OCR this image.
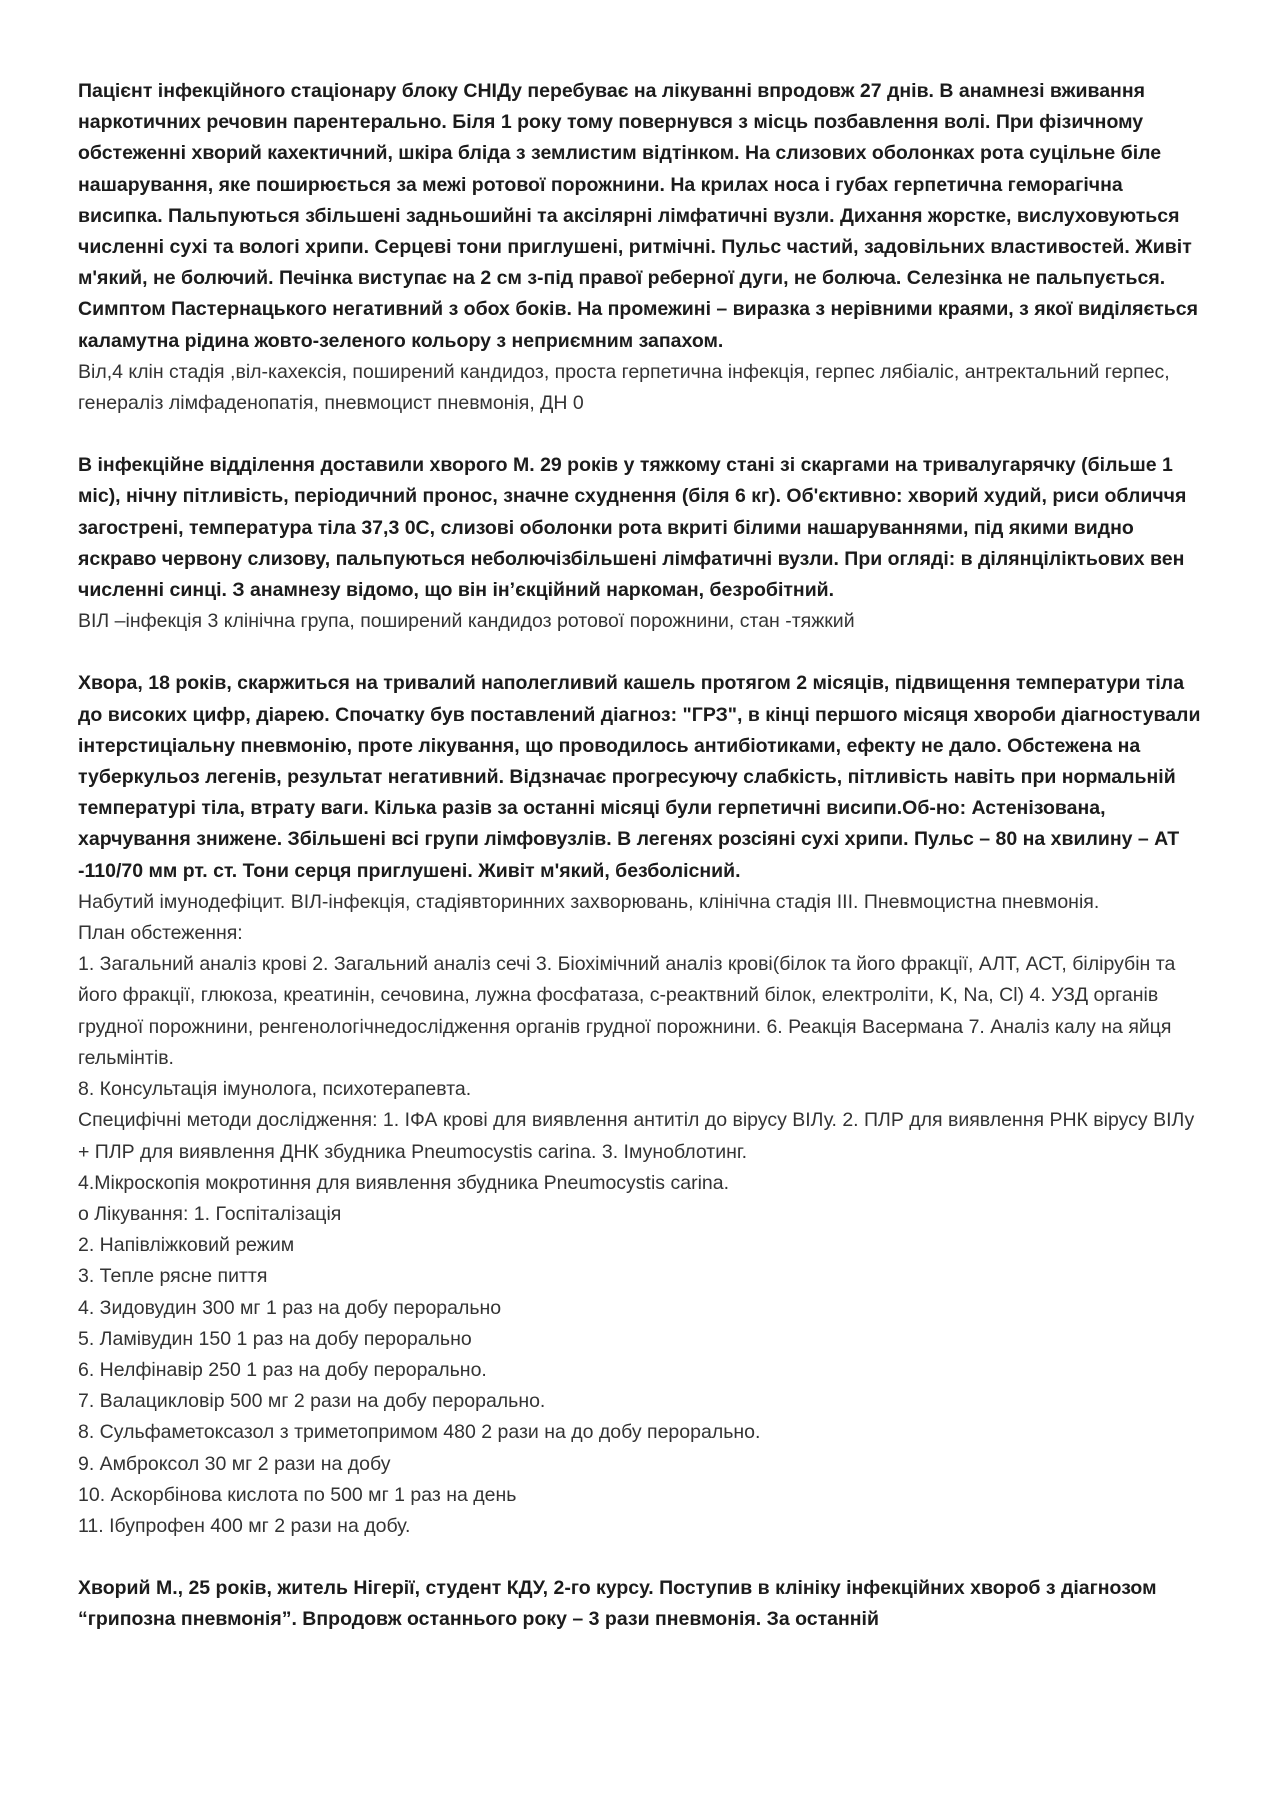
Пацієнт інфекційного стаціонару блоку СНІДу перебуває на лікуванні впродовж 27 днів. В анамнезі вживання наркотичних речовин парентерально. Біля 1 року тому повернувся з місць позбавлення волі. При фізичному обстеженні хворий кахектичний, шкіра бліда з землистим відтінком. На слизових оболонках рота суцільне біле нашарування, яке поширюється за межі ротової порожнини. На крилах носа і губах герпетична геморагічна висипка. Пальпуються збільшені задньошийні та аксілярні лімфатичні вузли. Дихання жорстке, вислуховуються численні сухі та вологі хрипи. Серцеві тони приглушені, ритмічні. Пульс частий, задовільних властивостей. Живіт м'який, не болючий. Печінка виступає на 2 см з-під правої реберної дуги, не болюча. Селезінка не пальпується. Симптом Пастернацького негативний з обох боків. На промежині – виразка з нерівними краями, з якої виділяється каламутна рідина жовто-зеленого кольору з неприємним запахом.

Віл,4 клін стадія ,віл-кахексія, поширений кандидоз, проста герпетична інфекція, герпес лябіаліс, антректальний герпес, генераліз лімфаденопатія, пневмоцист пневмонія, ДН 0

В інфекційне відділення доставили хворого М. 29 років у тяжкому стані зі скаргами на тривалугарячку (більше 1 міс), нічну пітливість, періодичний пронос, значне схуднення (біля 6 кг). Об'єктивно: хворий худий, риси обличчя загострені, температура тіла 37,3 0С, слизові оболонки рота вкриті білими нашаруваннями, під якими видно яскраво червону слизову, пальпуються неболючізбільшені лімфатичні вузли. При огляді: в ділянціліктьових вен численні синці. З анамнезу відомо, що він ін’єкційний наркоман, безробітний.

ВІЛ –інфекція 3 клінічна група, поширений кандидоз ротової порожнини, стан -тяжкий

Хвора, 18 років, скаржиться на тривалий наполегливий кашель протягом 2 місяців, підвищення температури тіла до високих цифр, діарею. Спочатку був поставлений діагноз: "ГРЗ", в кінці першого місяця хвороби діагностували інтерстиціальну пневмонію, проте лікування, що проводилось антибіотиками, ефекту не дало. Обстежена на туберкульоз легенів, результат негативний. Відзначає прогресуючу слабкість, пітливість навіть при нормальній температурі тіла, втрату ваги. Кілька разів за останні місяці були герпетичні висипи.Об-но: Астенізована, харчування знижене. Збільшені всі групи лімфовузлів. В легенях розсіяні сухі хрипи. Пульс – 80 на хвилину – АТ -110/70 мм рт. ст. Тони серця приглушені. Живіт м'який, безболісний.

Набутий імунодефіцит. ВІЛ-інфекція, стадіявторинних захворювань, клінічна стадія ІІІ. Пневмоцистна пневмонія.

План обстеження:

1. Загальний аналіз крові 2. Загальний аналіз сечі 3. Біохімічний аналіз крові(білок та його фракції, АЛТ, АСТ, білірубін та його фракції, глюкоза, креатинін, сечовина, лужна фосфатаза, с-реактвний білок, електроліти, K, Na, Cl) 4. УЗД органів грудної порожнини, ренгенологічнедослідження органів грудної порожнини. 6. Реакція Васермана 7. Аналіз калу на яйця гельмінтів.

8. Консультація імунолога, психотерапевта.

Специфічні методи дослідження: 1. ІФА крові для виявлення антитіл до вірусу ВІЛу. 2. ПЛР для виявлення РНК вірусу ВІЛу + ПЛР для виявлення ДНК збудника Pneumocystis carina. 3. Імуноблотинг.

4.Мікроскопія мокротиння для виявлення збудника Pneumocystis carina.

o Лікування: 1. Госпіталізація

2. Напівліжковий режим

3. Тепле рясне пиття

4. Зидовудин 300 мг 1 раз на добу перорально

5. Ламівудин 150 1 раз на добу перорально

6. Нелфінавір 250 1 раз на добу перорально.

7. Валацикловір 500 мг 2 рази на добу перорально.

8. Сульфаметоксазол з триметопримом 480 2 рази на до добу перорально.

9. Амброксол 30 мг 2 рази на добу

10. Аскорбінова кислота по 500 мг 1 раз на день

11. Ібупрофен 400 мг 2 рази на добу.

Хворий М., 25 років, житель Нігерії, студент КДУ, 2-го курсу. Поступив в клініку інфекційних хвороб з діагнозом “грипозна пневмонія”. Впродовж останнього року – 3 рази пневмонія. За останній
